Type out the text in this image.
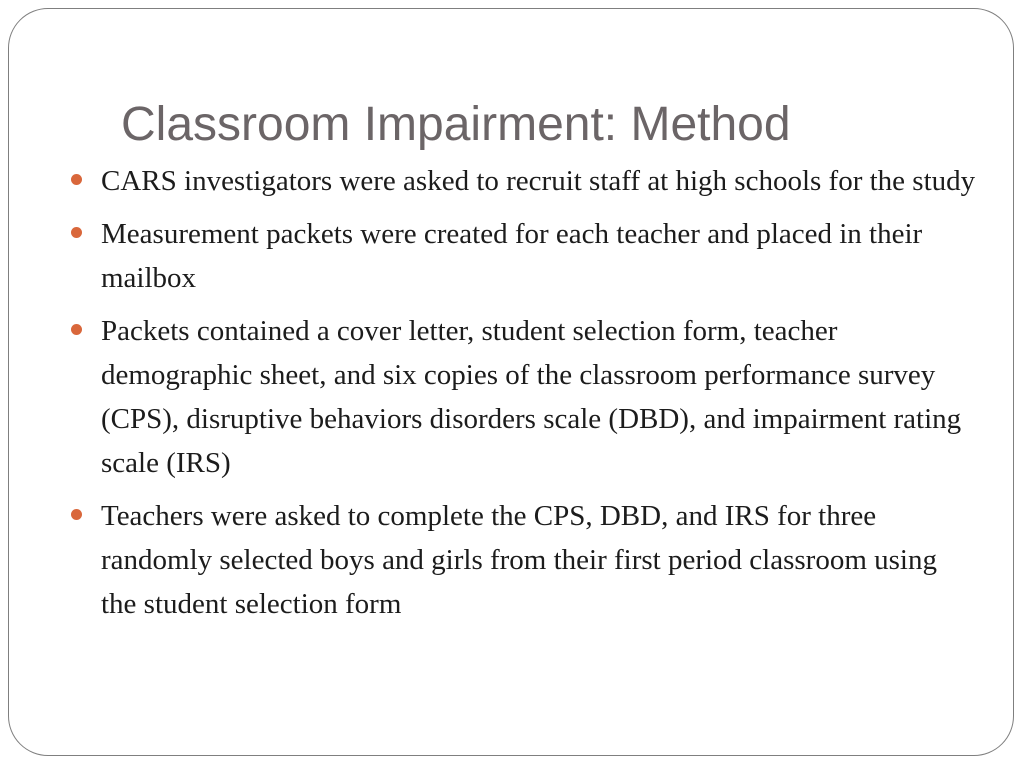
Classroom Impairment: Method
CARS investigators were asked to recruit staff at high schools for the study
Measurement packets were created for each teacher and placed in their mailbox
Packets contained a cover letter, student selection form, teacher demographic sheet, and six copies of the classroom performance survey (CPS), disruptive behaviors disorders scale (DBD), and impairment rating scale (IRS)
Teachers were asked to complete the CPS, DBD, and IRS for three randomly selected boys and girls from their first period classroom using the student selection form
